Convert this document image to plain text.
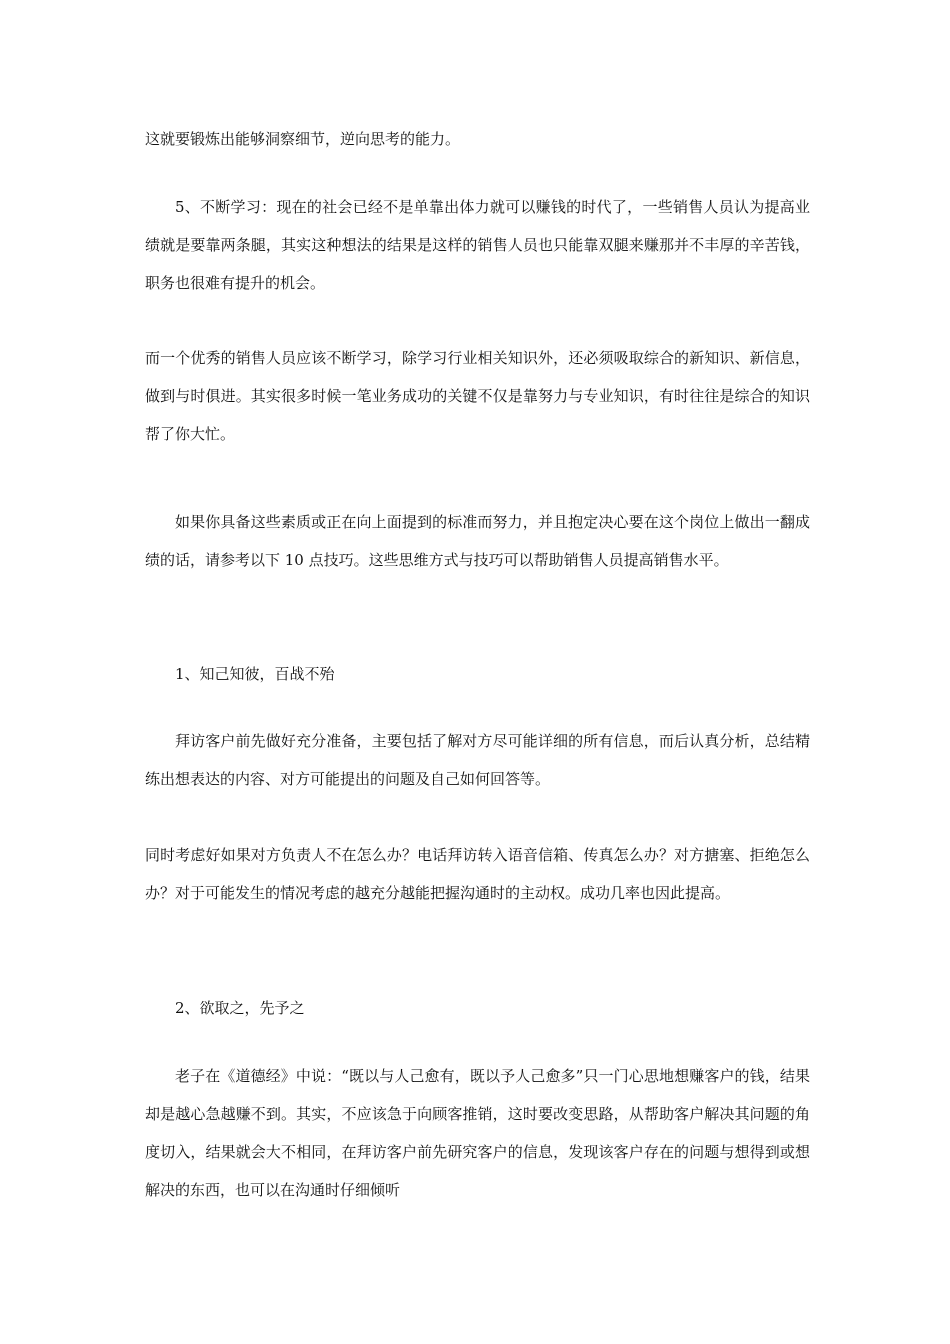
这就要锻炼出能够洞察细节，逆向思考的能力。

5、不断学习：现在的社会已经不是单靠出体力就可以赚钱的时代了，一些销售人员认为提高业绩就是要靠两条腿，其实这种想法的结果是这样的销售人员也只能靠双腿来赚那并不丰厚的辛苦钱，职务也很难有提升的机会。

而一个优秀的销售人员应该不断学习，除学习行业相关知识外，还必须吸取综合的新知识、新信息，做到与时俱进。其实很多时候一笔业务成功的关键不仅是靠努力与专业知识，有时往往是综合的知识帮了你大忙。

如果你具备这些素质或正在向上面提到的标准而努力，并且抱定决心要在这个岗位上做出一翻成绩的话，请参考以下 10 点技巧。这些思维方式与技巧可以帮助销售人员提高销售水平。

1、知己知彼，百战不殆

拜访客户前先做好充分准备，主要包括了解对方尽可能详细的所有信息，而后认真分析，总结精练出想表达的内容、对方可能提出的问题及自己如何回答等。

同时考虑好如果对方负责人不在怎么办？电话拜访转入语音信箱、传真怎么办？对方搪塞、拒绝怎么办？对于可能发生的情况考虑的越充分越能把握沟通时的主动权。成功几率也因此提高。

2、欲取之，先予之

老子在《道德经》中说：“既以与人己愈有，既以予人己愈多”只一门心思地想赚客户的钱，结果却是越心急越赚不到。其实，不应该急于向顾客推销，这时要改变思路，从帮助客户解决其问题的角度切入，结果就会大不相同，在拜访客户前先研究客户的信息，发现该客户存在的问题与想得到或想解决的东西，也可以在沟通时仔细倾听
